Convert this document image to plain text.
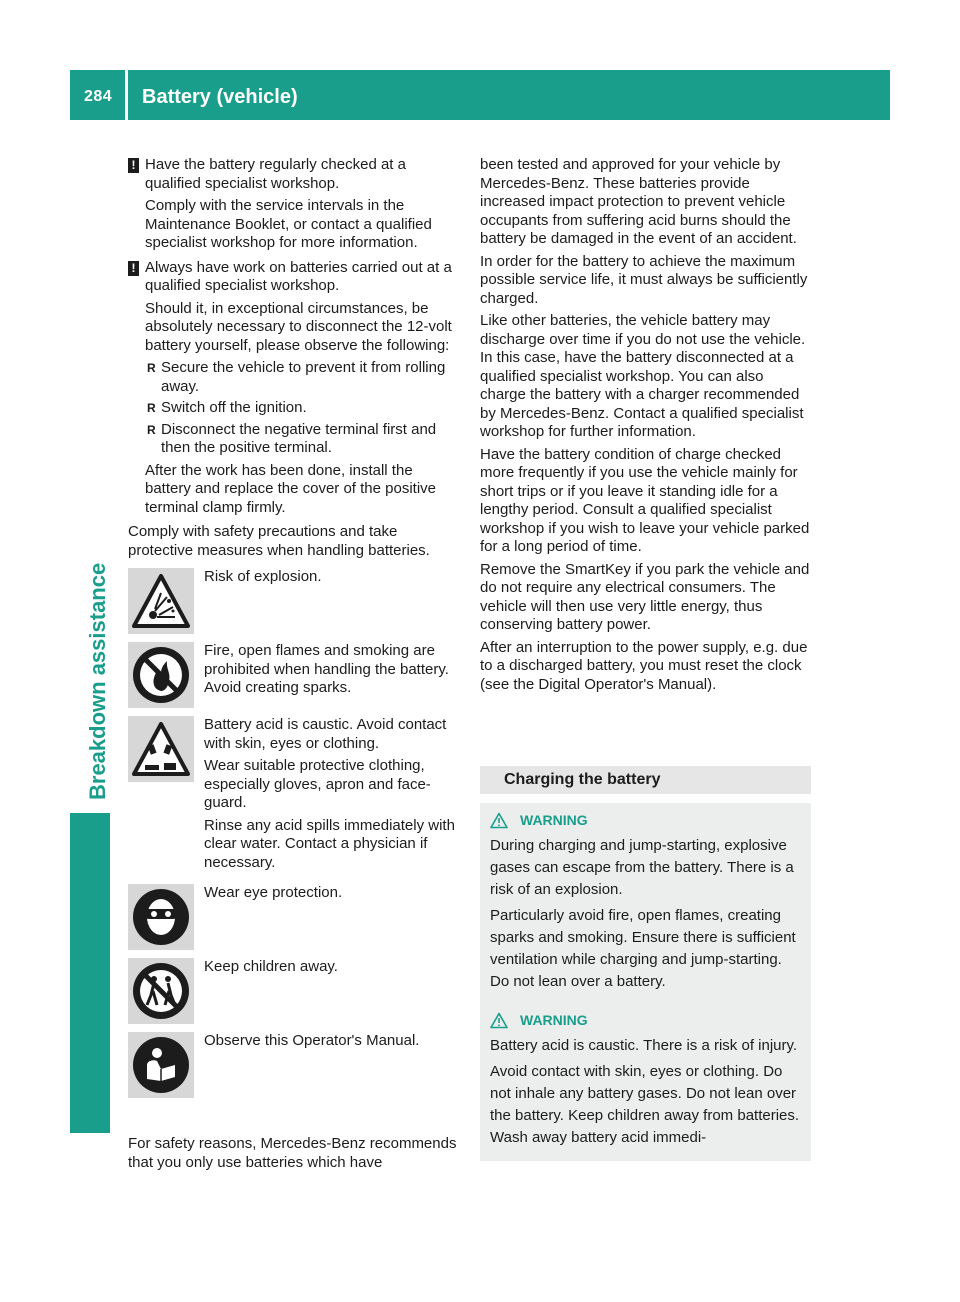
284 Battery (vehicle)
Breakdown assistance
! Have the battery regularly checked at a qualified specialist workshop.

Comply with the service intervals in the Maintenance Booklet, or contact a qualified specialist workshop for more information.

! Always have work on batteries carried out at a qualified specialist workshop.

Should it, in exceptional circumstances, be absolutely necessary to disconnect the 12-volt battery yourself, please observe the following:

R Secure the vehicle to prevent it from rolling away.
R Switch off the ignition.
R Disconnect the negative terminal first and then the positive terminal.

After the work has been done, install the battery and replace the cover of the positive terminal clamp firmly.

Comply with safety precautions and take protective measures when handling batteries.

Risk of explosion.

Fire, open flames and smoking are prohibited when handling the battery. Avoid creating sparks.

Battery acid is caustic. Avoid contact with skin, eyes or clothing.

Wear suitable protective clothing, especially gloves, apron and face-guard.

Rinse any acid spills immediately with clear water. Contact a physician if necessary.

Wear eye protection.

Keep children away.

Observe this Operator's Manual.

For safety reasons, Mercedes-Benz recommends that you only use batteries which have

been tested and approved for your vehicle by Mercedes-Benz. These batteries provide increased impact protection to prevent vehicle occupants from suffering acid burns should the battery be damaged in the event of an accident.

In order for the battery to achieve the maximum possible service life, it must always be sufficiently charged.

Like other batteries, the vehicle battery may discharge over time if you do not use the vehicle. In this case, have the battery disconnected at a qualified specialist workshop. You can also charge the battery with a charger recommended by Mercedes-Benz. Contact a qualified specialist workshop for further information.

Have the battery condition of charge checked more frequently if you use the vehicle mainly for short trips or if you leave it standing idle for a lengthy period. Consult a qualified specialist workshop if you wish to leave your vehicle parked for a long period of time.

Remove the SmartKey if you park the vehicle and do not require any electrical consumers. The vehicle will then use very little energy, thus conserving battery power.

After an interruption to the power supply, e.g. due to a discharged battery, you must reset the clock (see the Digital Operator's Manual).

Charging the battery
WARNING

During charging and jump-starting, explosive gases can escape from the battery. There is a risk of an explosion.

Particularly avoid fire, open flames, creating sparks and smoking. Ensure there is sufficient ventilation while charging and jump-starting. Do not lean over a battery.

WARNING

Battery acid is caustic. There is a risk of injury.

Avoid contact with skin, eyes or clothing. Do not inhale any battery gases. Do not lean over the battery. Keep children away from batteries. Wash away battery acid immedi-
